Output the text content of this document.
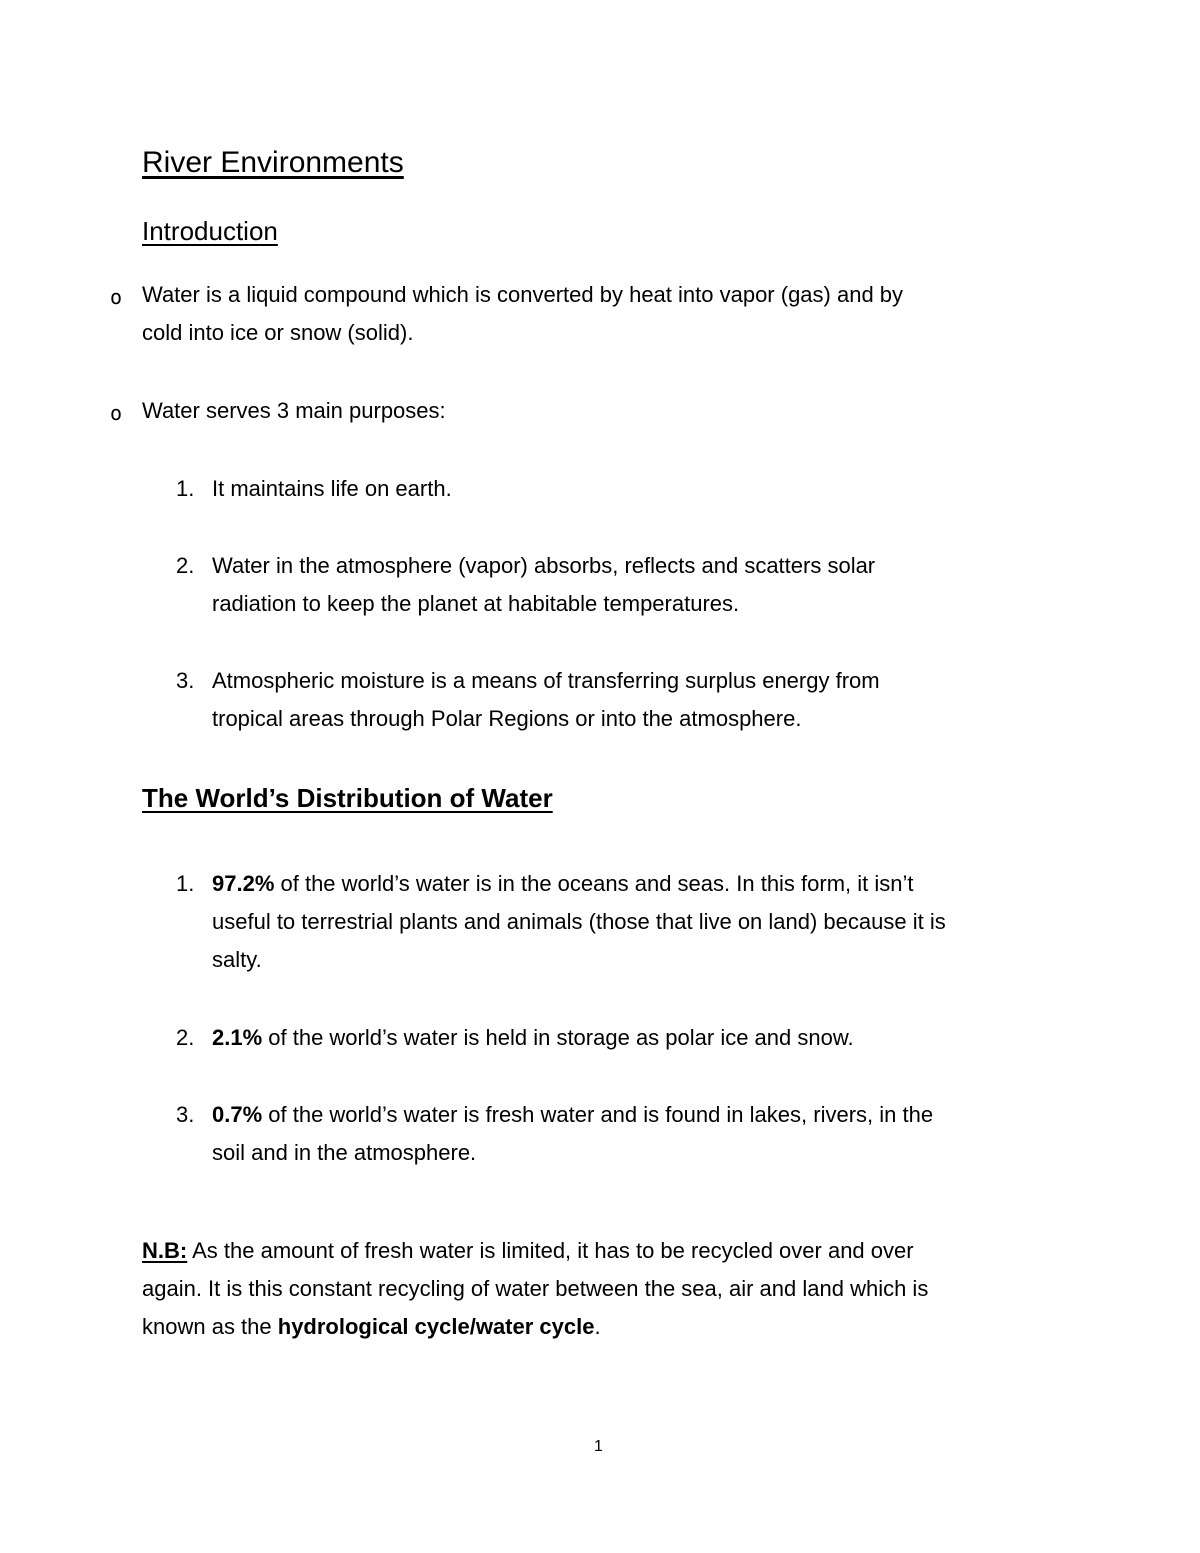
River Environments
Introduction
o Water is a liquid compound which is converted by heat into vapor (gas) and by
cold into ice or snow (solid).
o Water serves 3 main purposes:
1. It maintains life on earth.
2. Water in the atmosphere (vapor) absorbs, reflects and scatters solar
radiation to keep the planet at habitable temperatures.
3. Atmospheric moisture is a means of transferring surplus energy from
tropical areas through Polar Regions or into the atmosphere.
The World’s Distribution of Water
1. 97.2% of the world’s water is in the oceans and seas. In this form, it isn’t
useful to terrestrial plants and animals (those that live on land) because it is
salty.
2. 2.1% of the world’s water is held in storage as polar ice and snow.
3. 0.7% of the world’s water is fresh water and is found in lakes, rivers, in the
soil and in the atmosphere.
N.B: As the amount of fresh water is limited, it has to be recycled over and over
again. It is this constant recycling of water between the sea, air and land which is
known as the hydrological cycle/water cycle.
1
